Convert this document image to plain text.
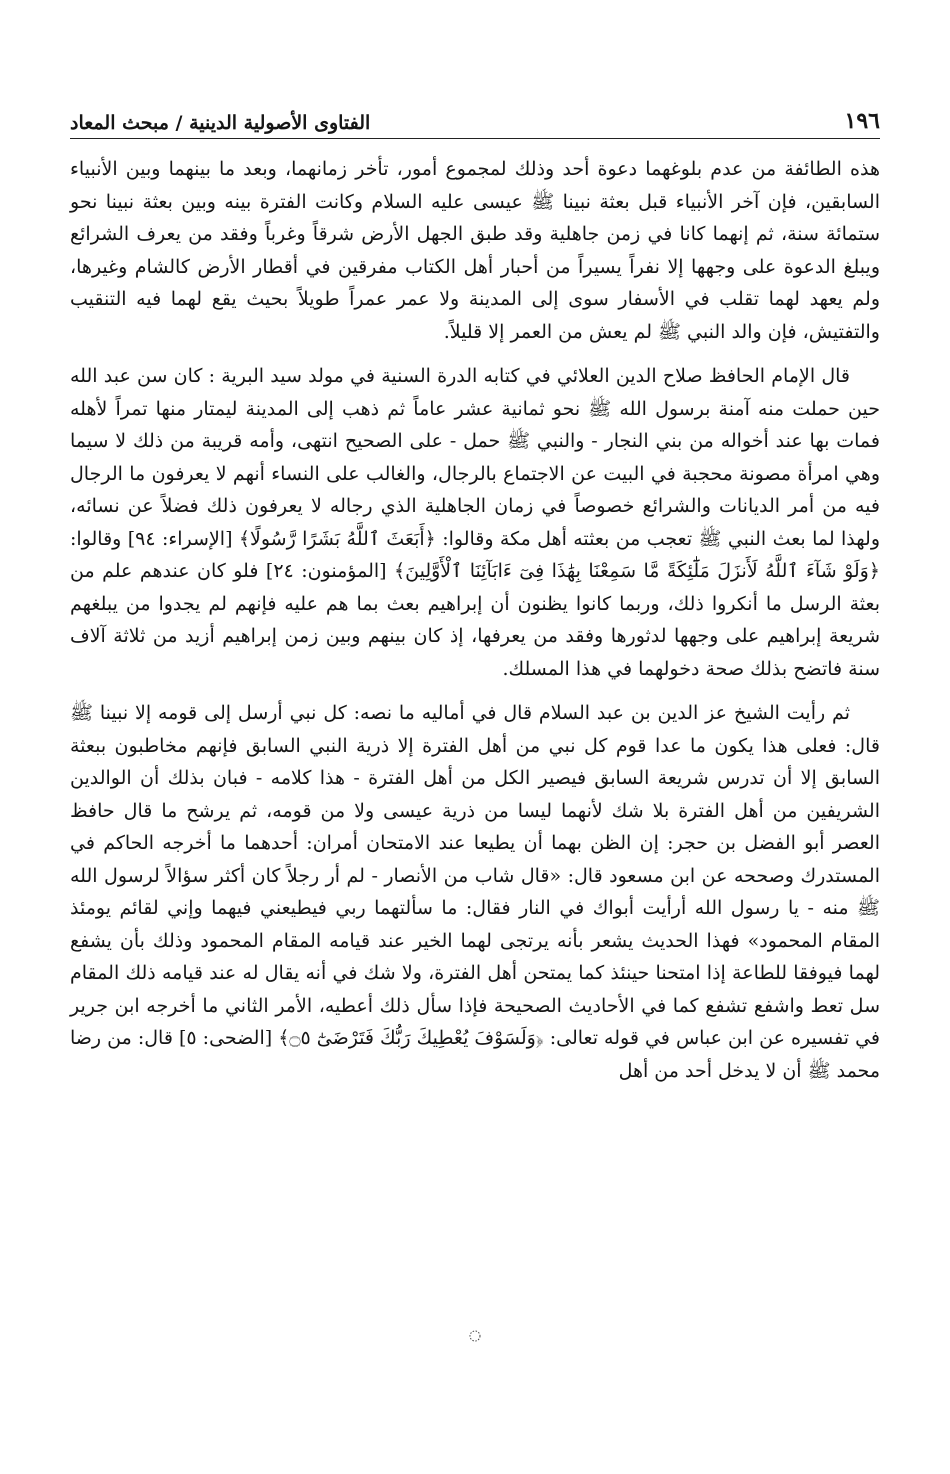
١٩٦
الفتاوى الأصولية الدينية / مبحث المعاد

هذه الطائفة من عدم بلوغهما دعوة أحد وذلك لمجموع أمور، تأخر زمانهما، وبعد ما بينهما وبين الأنبياء السابقين، فإن آخر الأنبياء قبل بعثة نبينا ﷺ عيسى عليه السلام وكانت الفترة بينه وبين بعثة نبينا نحو ستمائة سنة، ثم إنهما كانا في زمن جاهلية وقد طبق الجهل الأرض شرقاً وغرباً وفقد من يعرف الشرائع ويبلغ الدعوة على وجهها إلا نفراً يسيراً من أحبار أهل الكتاب مفرقين في أقطار الأرض كالشام وغيرها، ولم يعهد لهما تقلب في الأسفار سوى إلى المدينة ولا عمر عمراً طويلاً بحيث يقع لهما فيه التنقيب والتفتيش، فإن والد النبي ﷺ لم يعش من العمر إلا قليلاً.

قال الإمام الحافظ صلاح الدين العلائي في كتابه الدرة السنية في مولد سيد البرية : كان سن عبد الله حين حملت منه آمنة برسول الله ﷺ نحو ثمانية عشر عاماً ثم ذهب إلى المدينة ليمتار منها تمراً لأهله فمات بها عند أخواله من بني النجار - والنبي ﷺ حمل - على الصحيح انتهى، وأمه قريبة من ذلك لا سيما وهي امرأة مصونة محجبة في البيت عن الاجتماع بالرجال، والغالب على النساء أنهم لا يعرفون ما الرجال فيه من أمر الديانات والشرائع خصوصاً في زمان الجاهلية الذي رجاله لا يعرفون ذلك فضلاً عن نسائه، ولهذا لما بعث النبي ﷺ تعجب من بعثته أهل مكة وقالوا: ﴿أَبَعَثَ ٱللَّهُ بَشَرًا رَّسُولًا﴾ [الإسراء: ٩٤] وقالوا: ﴿وَلَوْ شَآءَ ٱللَّهُ لَأَنزَلَ مَلَٰٓئِكَةً مَّا سَمِعْنَا بِهَٰذَا فِىٓ ءَابَآئِنَا ٱلْأَوَّلِينَ﴾ [المؤمنون: ٢٤] فلو كان عندهم علم من بعثة الرسل ما أنكروا ذلك، وربما كانوا يظنون أن إبراهيم بعث بما هم عليه فإنهم لم يجدوا من يبلغهم شريعة إبراهيم على وجهها لدثورها وفقد من يعرفها، إذ كان بينهم وبين زمن إبراهيم أزيد من ثلاثة آلاف سنة فاتضح بذلك صحة دخولهما في هذا المسلك.

ثم رأيت الشيخ عز الدين بن عبد السلام قال في أماليه ما نصه: كل نبي أرسل إلى قومه إلا نبينا ﷺ قال: فعلى هذا يكون ما عدا قوم كل نبي من أهل الفترة إلا ذرية النبي السابق فإنهم مخاطبون ببعثة السابق إلا أن تدرس شريعة السابق فيصير الكل من أهل الفترة - هذا كلامه - فبان بذلك أن الوالدين الشريفين من أهل الفترة بلا شك لأنهما ليسا من ذرية عيسى ولا من قومه، ثم يرشح ما قال حافظ العصر أبو الفضل بن حجر: إن الظن بهما أن يطيعا عند الامتحان أمران: أحدهما ما أخرجه الحاكم في المستدرك وصححه عن ابن مسعود قال: «قال شاب من الأنصار - لم أر رجلاً كان أكثر سؤالاً لرسول الله ﷺ منه - يا رسول الله أرأيت أبواك في النار فقال: ما سألتهما ربي فيطيعني فيهما وإني لقائم يومئذ المقام المحمود» فهذا الحديث يشعر بأنه يرتجى لهما الخير عند قيامه المقام المحمود وذلك بأن يشفع لهما فيوفقا للطاعة إذا امتحنا حينئذ كما يمتحن أهل الفترة، ولا شك في أنه يقال له عند قيامه ذلك المقام سل تعط واشفع تشفع كما في الأحاديث الصحيحة فإذا سأل ذلك أعطيه، الأمر الثاني ما أخرجه ابن جرير في تفسيره عن ابن عباس في قوله تعالى: ﴿وَلَسَوْفَ يُعْطِيكَ رَبُّكَ فَتَرْضَىٰٓ ۝٥﴾ [الضحى: ٥] قال: من رضا محمد ﷺ أن لا يدخل أحد من أهل
